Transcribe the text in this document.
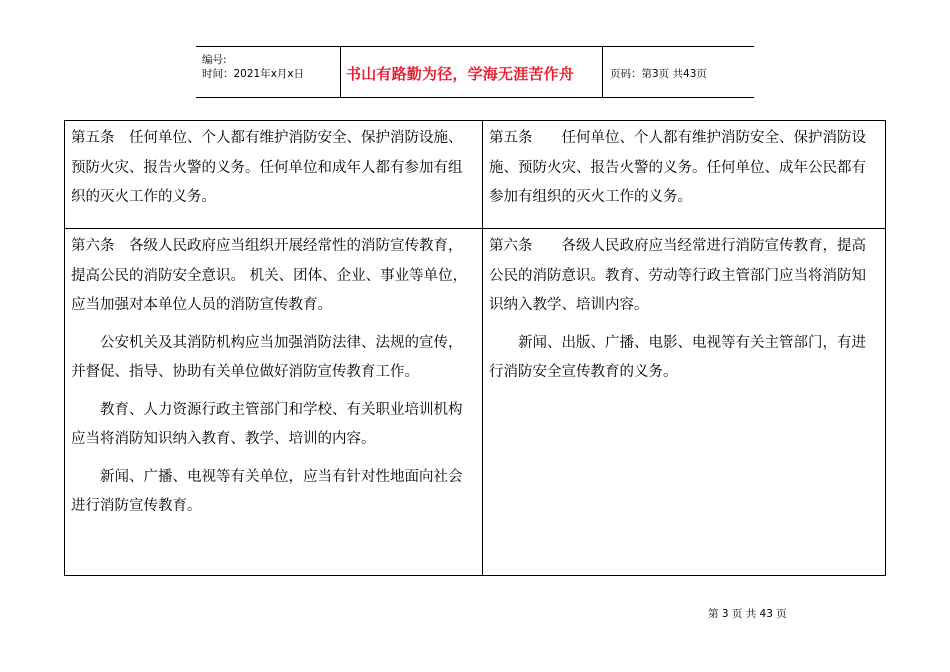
编号:
时间：2021年x月x日	书山有路勤为径，学海无涯苦作舟	页码：第3页 共43页

第五条　任何单位、个人都有维护消防安全、保护消防设施、预防火灾、报告火警的义务。任何单位和成年人都有参加有组织的灭火工作的义务。

第五条　　任何单位、个人都有维护消防安全、保护消防设施、预防火灾、报告火警的义务。任何单位、成年公民都有参加有组织的灭火工作的义务。

第六条　各级人民政府应当组织开展经常性的消防宣传教育，提高公民的消防安全意识。 机关、团体、企业、事业等单位，应当加强对本单位人员的消防宣传教育。

公安机关及其消防机构应当加强消防法律、法规的宣传，并督促、指导、协助有关单位做好消防宣传教育工作。

教育、人力资源行政主管部门和学校、有关职业培训机构应当将消防知识纳入教育、教学、培训的内容。

新闻、广播、电视等有关单位，应当有针对性地面向社会进行消防宣传教育。

第六条　　各级人民政府应当经常进行消防宣传教育，提高公民的消防意识。教育、劳动等行政主管部门应当将消防知识纳入教学、培训内容。

新闻、出版、广播、电影、电视等有关主管部门，有进行消防安全宣传教育的义务。

第 3 页 共 43 页
